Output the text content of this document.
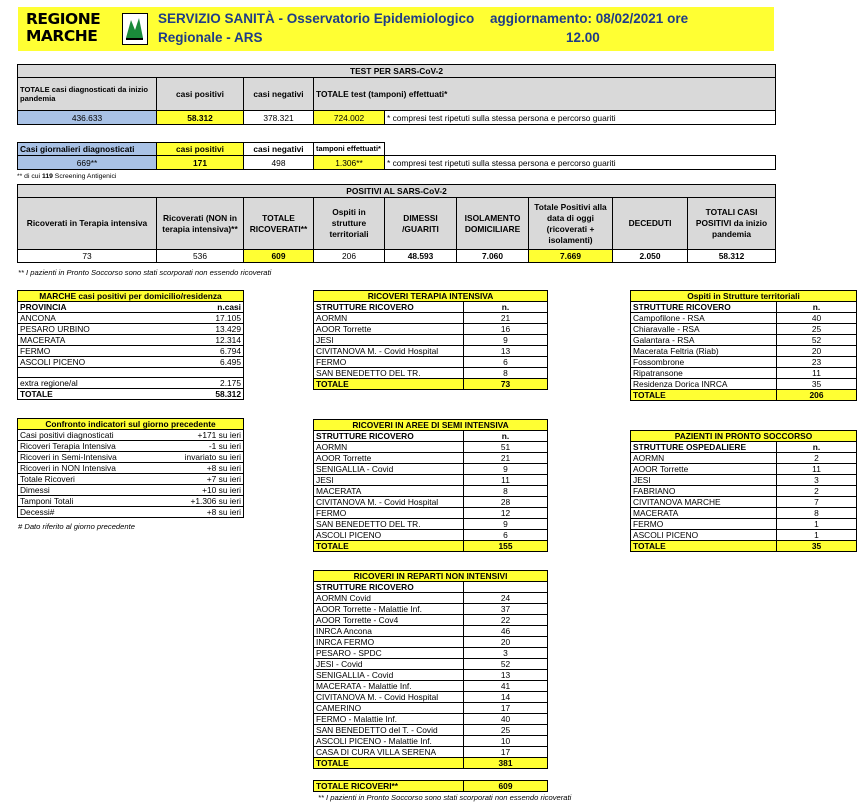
REGIONE
MARCHE
SERVIZIO SANITÀ - Osservatorio Epidemiologico
Regionale - ARS
aggiornamento: 08/02/2021 ore
12.00
TEST PER SARS-CoV-2				
TOTALE casi diagnosticati da inizio pandemia	casi positivi	casi negativi	TOTALE test (tamponi) effettuati*	
436.633	58.312	378.321	724.002	* compresi test ripetuti sulla stessa persona e percorso guariti
Casi giornalieri diagnosticati	casi positivi	casi negativi	tamponi effettuati*	
669**	171	498	1.306**	* compresi test ripetuti sulla stessa persona e percorso guariti
** di cui 119 Screening Antigenici
POSITIVI AL SARS-CoV-2								
Ricoverati in Terapia intensiva	Ricoverati (NON in terapia intensiva)**	TOTALE RICOVERATI**	Ospiti in strutture territoriali	DIMESSI /GUARITI	ISOLAMENTO DOMICILIARE	Totale Positivi alla data di oggi (ricoverati + isolamenti)	DECEDUTI	TOTALI CASI POSITIVI da inizio pandemia
73	536	609	206	48.593	7.060	7.669	2.050	58.312
** I pazienti in Pronto Soccorso sono stati scorporati non essendo ricoverati
MARCHE casi positivi per domicilio/residenza	
PROVINCIA	n.casi
ANCONA	17.105
PESARO URBINO	13.429
MACERATA	12.314
FERMO	6.794
ASCOLI PICENO	6.495

extra regione/al	2.175
TOTALE	58.312
Confronto indicatori sul giorno precedente	
Casi positivi diagnosticati	+171 su ieri
Ricoveri Terapia Intensiva	-1 su ieri
Ricoveri in Semi-Intensiva	invariato su ieri
Ricoveri in NON Intensiva	+8 su ieri
Totale Ricoveri	+7 su ieri
Dimessi	+10 su ieri
Tamponi Totali	+1.306 su ieri
Decessi#	+8 su ieri
# Dato riferito al giorno precedente
RICOVERI TERAPIA INTENSIVA	
STRUTTURE RICOVERO	n.
AORMN	21
AOOR Torrette	16
JESI	9
CIVITANOVA M. - Covid Hospital	13
FERMO	6
SAN BENEDETTO DEL TR.	8
TOTALE	73
RICOVERI IN AREE DI SEMI INTENSIVA	
STRUTTURE RICOVERO	n.
AORMN	51
AOOR Torrette	21
SENIGALLIA - Covid	9
JESI	11
MACERATA	8
CIVITANOVA M. - Covid Hospital	28
FERMO	12
SAN BENEDETTO DEL TR.	9
ASCOLI PICENO	6
TOTALE	155
RICOVERI IN REPARTI NON INTENSIVI	
STRUTTURE RICOVERO	
AORMN Covid	24
AOOR Torrette - Malattie Inf.	37
AOOR Torrette - Cov4	22
INRCA Ancona	46
INRCA FERMO	20
PESARO - SPDC	3
JESI - Covid	52
SENIGALLIA - Covid	13
MACERATA - Malattie Inf.	41
CIVITANOVA M. - Covid Hospital	14
CAMERINO	17
FERMO - Malattie Inf.	40
SAN BENEDETTO del T. - Covid	25
ASCOLI PICENO - Malattie Inf.	10
CASA DI CURA VILLA SERENA	17
TOTALE	381
TOTALE RICOVERI**	609
** I pazienti in Pronto Soccorso sono stati scorporati non essendo ricoverati
Ospiti in Strutture territoriali	
STRUTTURE RICOVERO	n.
Campofilone - RSA	40
Chiaravalle - RSA	25
Galantara - RSA	52
Macerata Feltria (Riab)	20
Fossombrone	23
Ripatransone	11
Residenza Dorica INRCA	35
TOTALE	206
PAZIENTI IN PRONTO SOCCORSO	
STRUTTURE OSPEDALIERE	n.
AORMN	2
AOOR Torrette	11
JESI	3
FABRIANO	2
CIVITANOVA MARCHE	7
MACERATA	8
FERMO	1
ASCOLI PICENO	1
TOTALE	35
